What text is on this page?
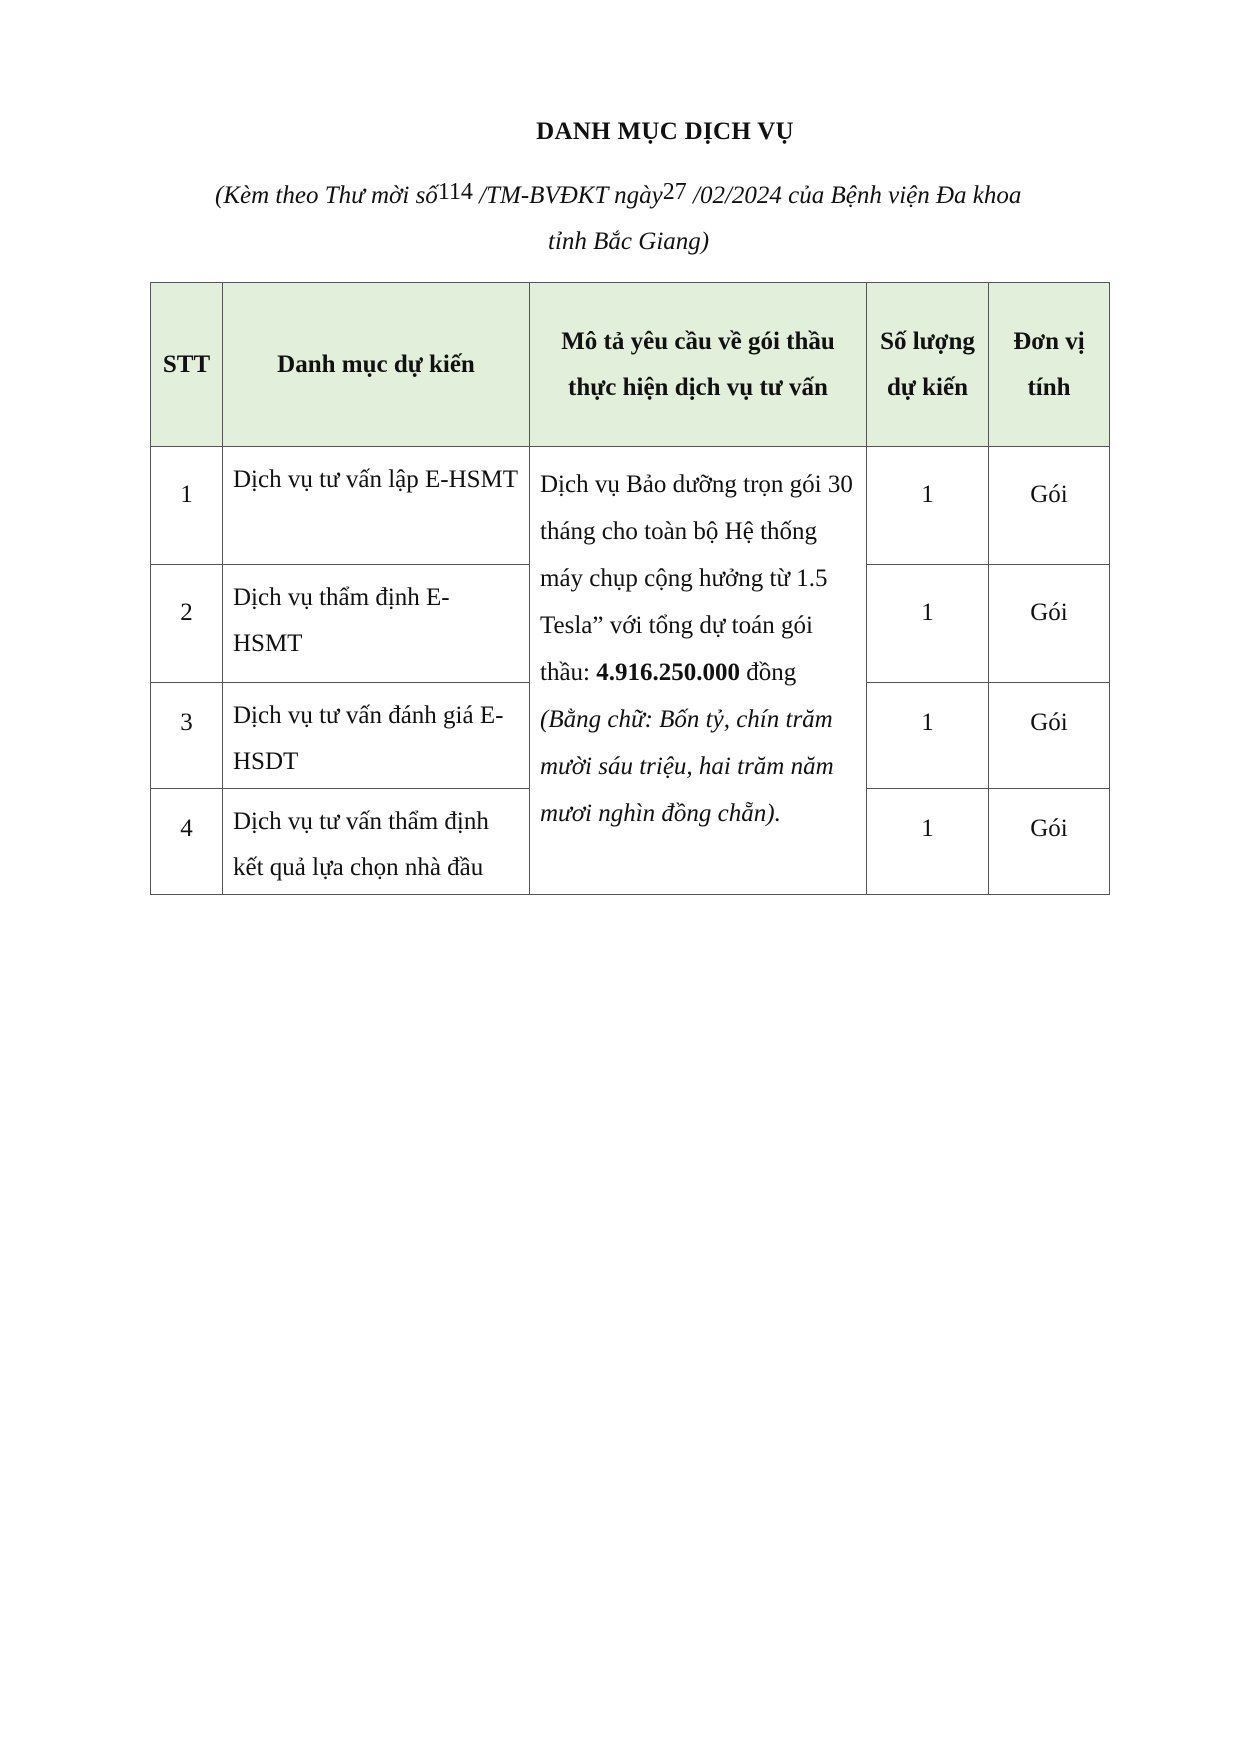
DANH MỤC DỊCH VỤ
(Kèm theo Thư mời số114 /TM-BVĐKT ngày27 /02/2024 của Bệnh viện Đa khoa
tỉnh Bắc Giang)
STT	Danh mục dự kiến	Mô tả yêu cầu về gói thầu thực hiện dịch vụ tư vấn	Số lượng dự kiến	Đơn vị tính
1	Dịch vụ tư vấn lập E-HSMT	Dịch vụ Bảo dưỡng trọn gói 30 tháng cho toàn bộ Hệ thống máy chụp cộng hưởng từ 1.5 Tesla” với tổng dự toán gói thầu: 4.916.250.000 đồng (Bằng chữ: Bốn tỷ, chín trăm mười sáu triệu, hai trăm năm mươi nghìn đồng chẵn).	1	Gói
2	Dịch vụ thẩm định E-HSMT		1	Gói
3	Dịch vụ tư vấn đánh giá E-HSDT		1	Gói
4	Dịch vụ tư vấn thẩm định kết quả lựa chọn nhà đầu		1	Gói
